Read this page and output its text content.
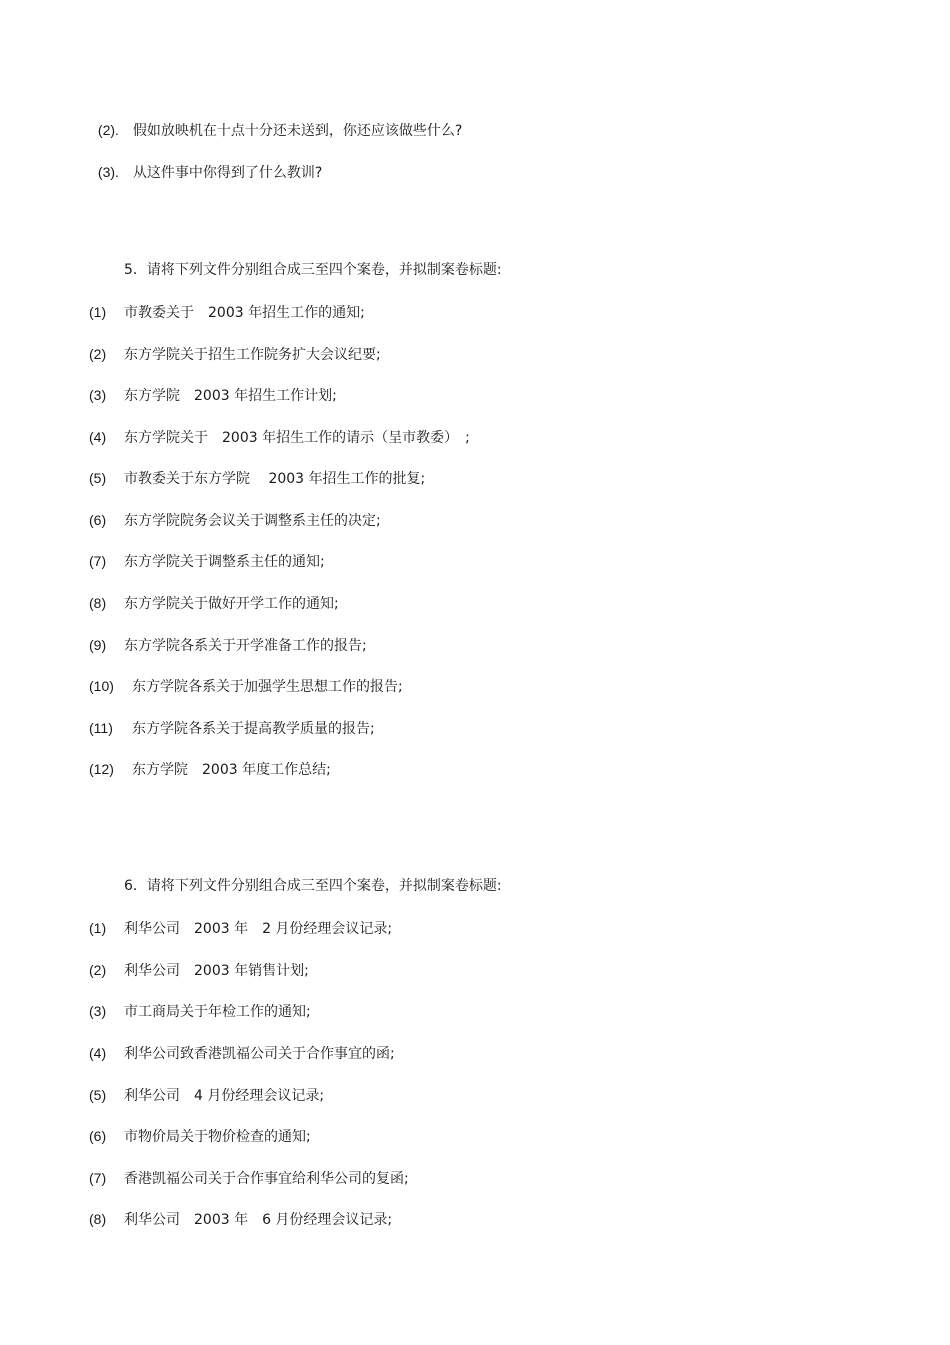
(2). 假如放映机在十点十分还未送到，你还应该做些什么?

(3). 从这件事中你得到了什么教训?

5．请将下列文件分别组合成三至四个案卷，并拟制案卷标题:
(1) 市教委关于　2003 年招生工作的通知;
(2) 东方学院关于招生工作院务扩大会议纪要;
(3) 东方学院　2003 年招生工作计划;
(4) 东方学院关于　2003 年招生工作的请示（呈市教委）　;
(5) 市教委关于东方学院　 2003 年招生工作的批复;
(6) 东方学院院务会议关于调整系主任的决定;
(7) 东方学院关于调整系主任的通知;
(8) 东方学院关于做好开学工作的通知;
(9) 东方学院各系关于开学准备工作的报告;
(10) 东方学院各系关于加强学生思想工作的报告;
(11) 东方学院各系关于提高教学质量的报告;
(12) 东方学院　2003 年度工作总结;
6．请将下列文件分别组合成三至四个案卷，并拟制案卷标题:
(1) 利华公司　2003 年　2 月份经理会议记录;
(2) 利华公司　2003 年销售计划;
(3) 市工商局关于年检工作的通知;
(4) 利华公司致香港凯福公司关于合作事宜的函;
(5) 利华公司　4 月份经理会议记录;
(6) 市物价局关于物价检查的通知;
(7) 香港凯福公司关于合作事宜给利华公司的复函;
(8) 利华公司　2003 年　6 月份经理会议记录;
